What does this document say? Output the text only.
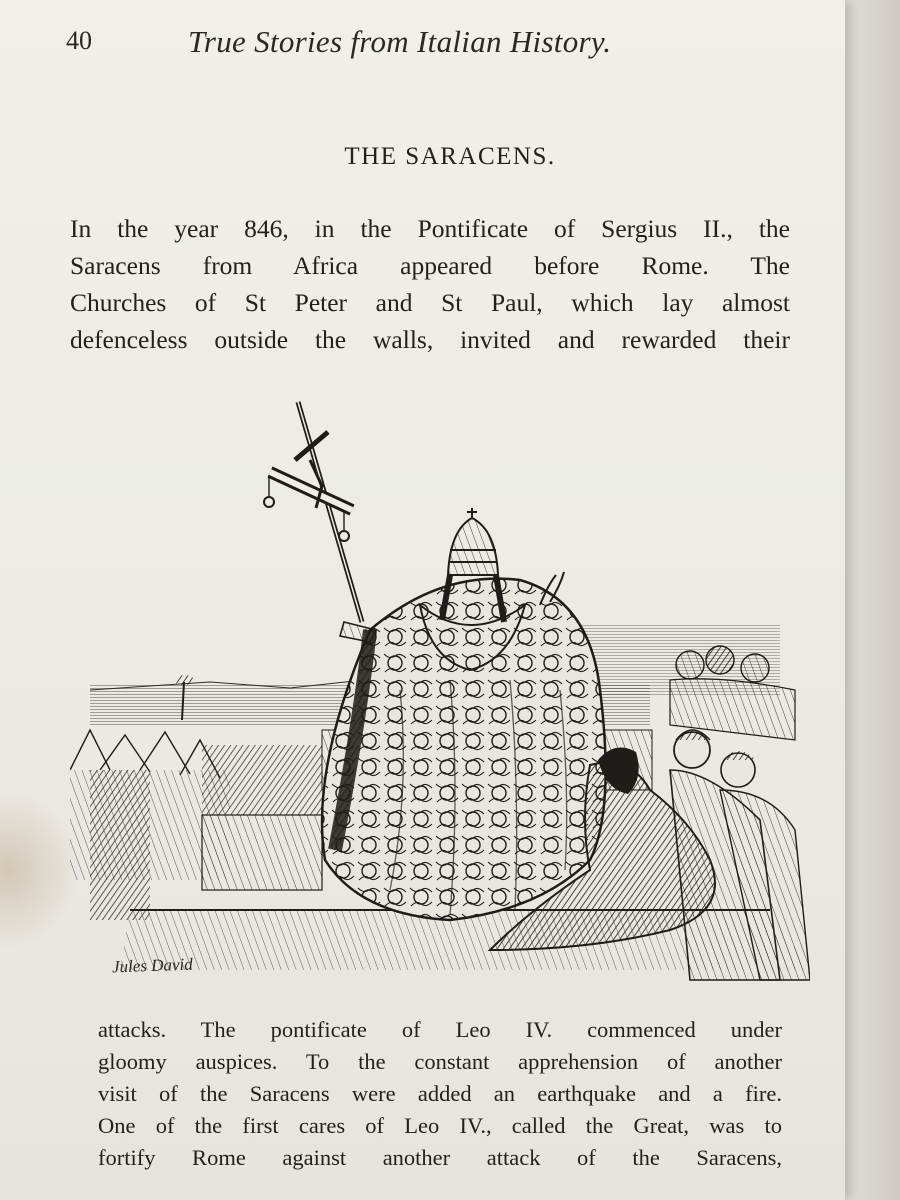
40	True Stories from Italian History.
THE SARACENS.

In the year 846, in the Pontificate of Sergius II., the
Saracens from Africa appeared before Rome. The
Churches of St Peter and St Paul, which lay almost
defenceless outside the walls, invited and rewarded their

Jules David

attacks. The pontificate of Leo IV. commenced under
gloomy auspices. To the constant apprehension of another
visit of the Saracens were added an earthquake and a fire.
One of the first cares of Leo IV., called the Great, was to
fortify Rome against another attack of the Saracens,
